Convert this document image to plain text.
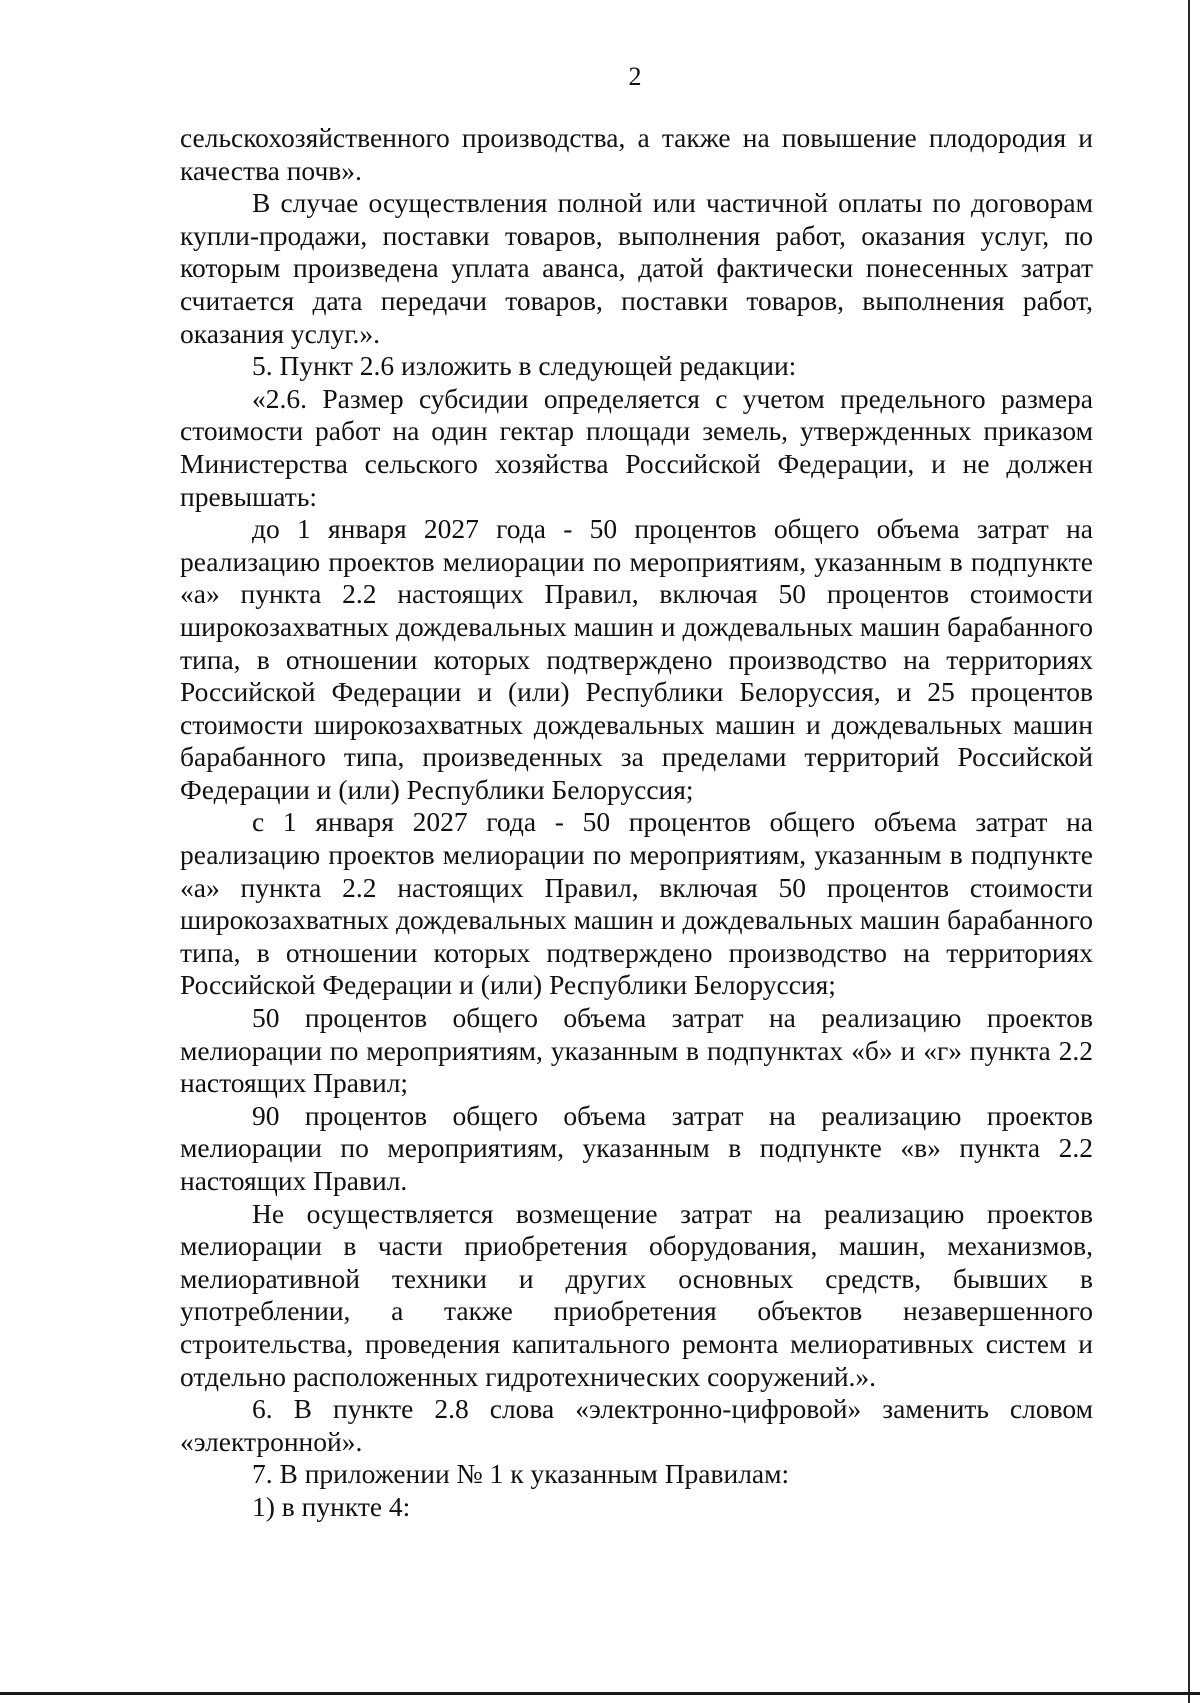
2

сельскохозяйственного производства, а также на повышение плодородия и качества почв».

В случае осуществления полной или частичной оплаты по договорам купли-продажи, поставки товаров, выполнения работ, оказания услуг, по которым произведена уплата аванса, датой фактически понесенных затрат считается дата передачи товаров, поставки товаров, выполнения работ, оказания услуг.».

5. Пункт 2.6 изложить в следующей редакции:

«2.6. Размер субсидии определяется с учетом предельного размера стоимости работ на один гектар площади земель, утвержденных приказом Министерства сельского хозяйства Российской Федерации, и не должен превышать:

до 1 января 2027 года - 50 процентов общего объема затрат на реализацию проектов мелиорации по мероприятиям, указанным в подпункте «а» пункта 2.2 настоящих Правил, включая 50 процентов стоимости широкозахватных дождевальных машин и дождевальных машин барабанного типа, в отношении которых подтверждено производство на территориях Российской Федерации и (или) Республики Белоруссия, и 25 процентов стоимости широкозахватных дождевальных машин и дождевальных машин барабанного типа, произведенных за пределами территорий Российской Федерации и (или) Республики Белоруссия;

с 1 января 2027 года - 50 процентов общего объема затрат на реализацию проектов мелиорации по мероприятиям, указанным в подпункте «а» пункта 2.2 настоящих Правил, включая 50 процентов стоимости широкозахватных дождевальных машин и дождевальных машин барабанного типа, в отношении которых подтверждено производство на территориях Российской Федерации и (или) Республики Белоруссия;

50 процентов общего объема затрат на реализацию проектов мелиорации по мероприятиям, указанным в подпунктах «б» и «г» пункта 2.2 настоящих Правил;

90 процентов общего объема затрат на реализацию проектов мелиорации по мероприятиям, указанным в подпункте «в» пункта 2.2 настоящих Правил.

Не осуществляется возмещение затрат на реализацию проектов мелиорации в части приобретения оборудования, машин, механизмов, мелиоративной техники и других основных средств, бывших в употреблении, а также приобретения объектов незавершенного строительства, проведения капитального ремонта мелиоративных систем и отдельно расположенных гидротехнических сооружений.».

6. В пункте 2.8 слова «электронно-цифровой» заменить словом «электронной».

7. В приложении № 1 к указанным Правилам:

1) в пункте 4:
